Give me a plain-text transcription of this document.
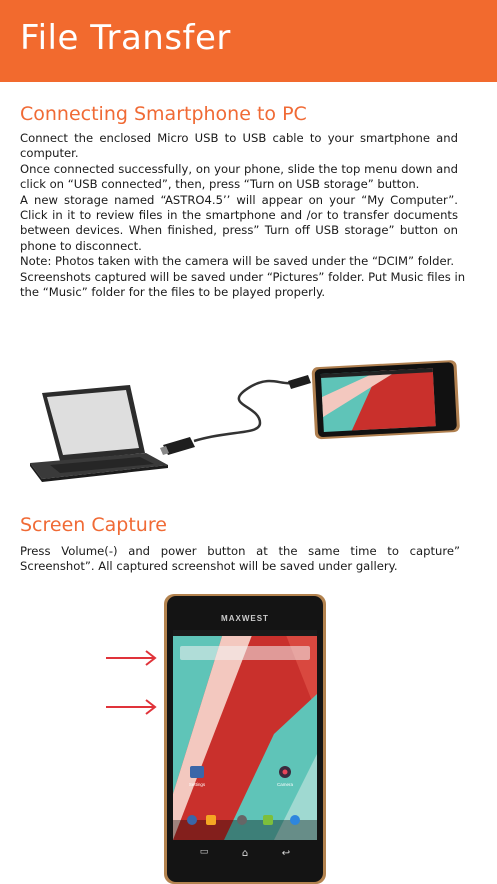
File Transfer
Connecting Smartphone to PC

Connect the enclosed Micro USB to USB cable to your smartphone and computer.

Once connected successfully, on your phone, slide the top menu down and click on “USB connected”, then, press “Turn on USB storage” button.

A new storage named “ASTRO4.5’’ will appear on your “My Computer”. Click in it to review files in the smartphone and /or to transfer documents between devices. When finished, press” Turn off USB storage” button on phone to disconnect.

Note: Photos taken with the camera will be saved under the “DCIM” folder. Screenshots captured will be saved under “Pictures” folder. Put Music files in the “Music” folder for the files to be played properly.

Screen Capture

Press Volume(-) and power button at the same time to capture” Screenshot”. All captured screenshot will be saved under gallery.

MAXWEST
Settings	Camera
▭	⌂	↩
